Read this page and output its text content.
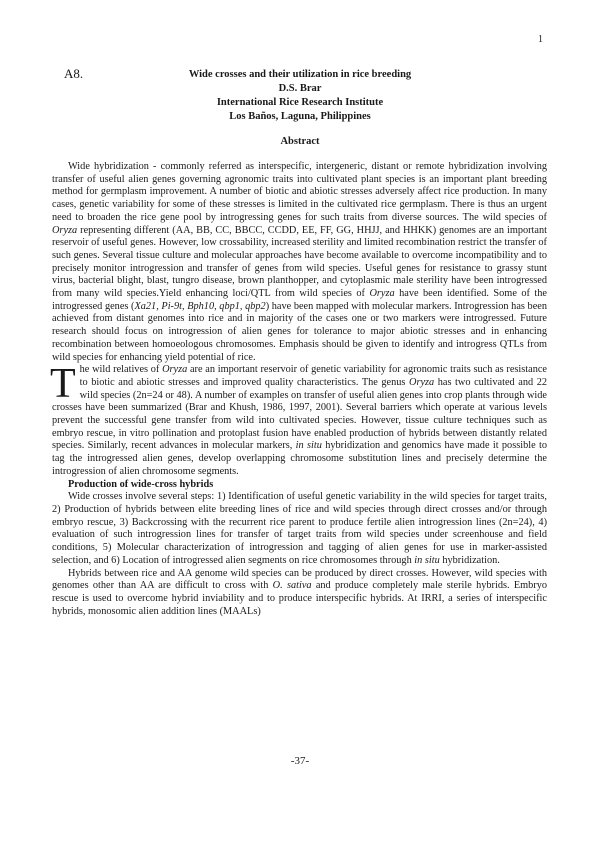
1
A8.	Wide crosses and their utilization in rice breeding
D.S. Brar
International Rice Research Institute
Los Baños, Laguna, Philippines
Abstract

Wide hybridization - commonly referred as interspecific, intergeneric, distant or remote hybridization involving transfer of useful alien genes governing agronomic traits into cultivated plant species is an important plant breeding method for germplasm improvement. A number of biotic and abiotic stresses adversely affect rice production. In many cases, genetic variability for some of these stresses is limited in the cultivated rice germplasm. There is thus an urgent need to broaden the rice gene pool by introgressing genes for such traits from diverse sources. The wild species of Oryza representing different (AA, BB, CC, BBCC, CCDD, EE, FF, GG, HHJJ, and HHKK) genomes are an important reservoir of useful genes. However, low crossability, increased sterility and limited recombination restrict the transfer of such genes. Several tissue culture and molecular approaches have become available to overcome incompatibility and to precisely monitor introgression and transfer of genes from wild species. Useful genes for resistance to grassy stunt virus, bacterial blight, blast, tungro disease, brown planthopper, and cytoplasmic male sterility have been introgressed from many wild species.Yield enhancing loci/QTL from wild species of Oryza have been identified. Some of the introgressed genes (Xa21, Pi-9t, Bph10, qbp1, qbp2) have been mapped with molecular markers. Introgression has been achieved from distant genomes into rice and in majority of the cases one or two markers were introgressed. Future research should focus on introgression of alien genes for tolerance to major abiotic stresses and in enhancing recombination between homoeologous chromosomes. Emphasis should be given to identify and introgress QTLs from wild species for enhancing yield potential of rice.

The wild relatives of Oryza are an important reservoir of genetic variability for agronomic traits such as resistance to biotic and abiotic stresses and improved quality characteristics. The genus Oryza has two cultivated and 22 wild species (2n=24 or 48). A number of examples on transfer of useful alien genes into crop plants through wide crosses have been summarized (Brar and Khush, 1986, 1997, 2001). Several barriers which operate at various levels prevent the successful gene transfer from wild into cultivated species. However, tissue culture techniques such as embryo rescue, in vitro pollination and protoplast fusion have enabled production of hybrids between distantly related species. Similarly, recent advances in molecular markers, in situ hybridization and genomics have made it possible to tag the introgressed alien genes, develop overlapping chromosome substitution lines and precisely determine the introgression of alien chromosome segments.

Production of wide-cross hybrids

Wide crosses involve several steps: 1) Identification of useful genetic variability in the wild species for target traits, 2) Production of hybrids between elite breeding lines of rice and wild species through direct crosses and/or through embryo rescue, 3) Backcrossing with the recurrent rice parent to produce fertile alien introgression lines (2n=24), 4) evaluation of such introgression lines for transfer of target traits from wild species under screenhouse and field conditions, 5) Molecular characterization of introgression and tagging of alien genes for use in marker-assisted selection, and 6) Location of introgressed alien segments on rice chromosomes through in situ hybridization.

Hybrids between rice and AA genome wild species can be produced by direct crosses. However, wild species with genomes other than AA are difficult to cross with O. sativa and produce completely male sterile hybrids. Embryo rescue is used to overcome hybrid inviability and to produce interspecific hybrids. At IRRI, a series of interspecific hybrids, monosomic alien addition lines (MAALs)

-37-
